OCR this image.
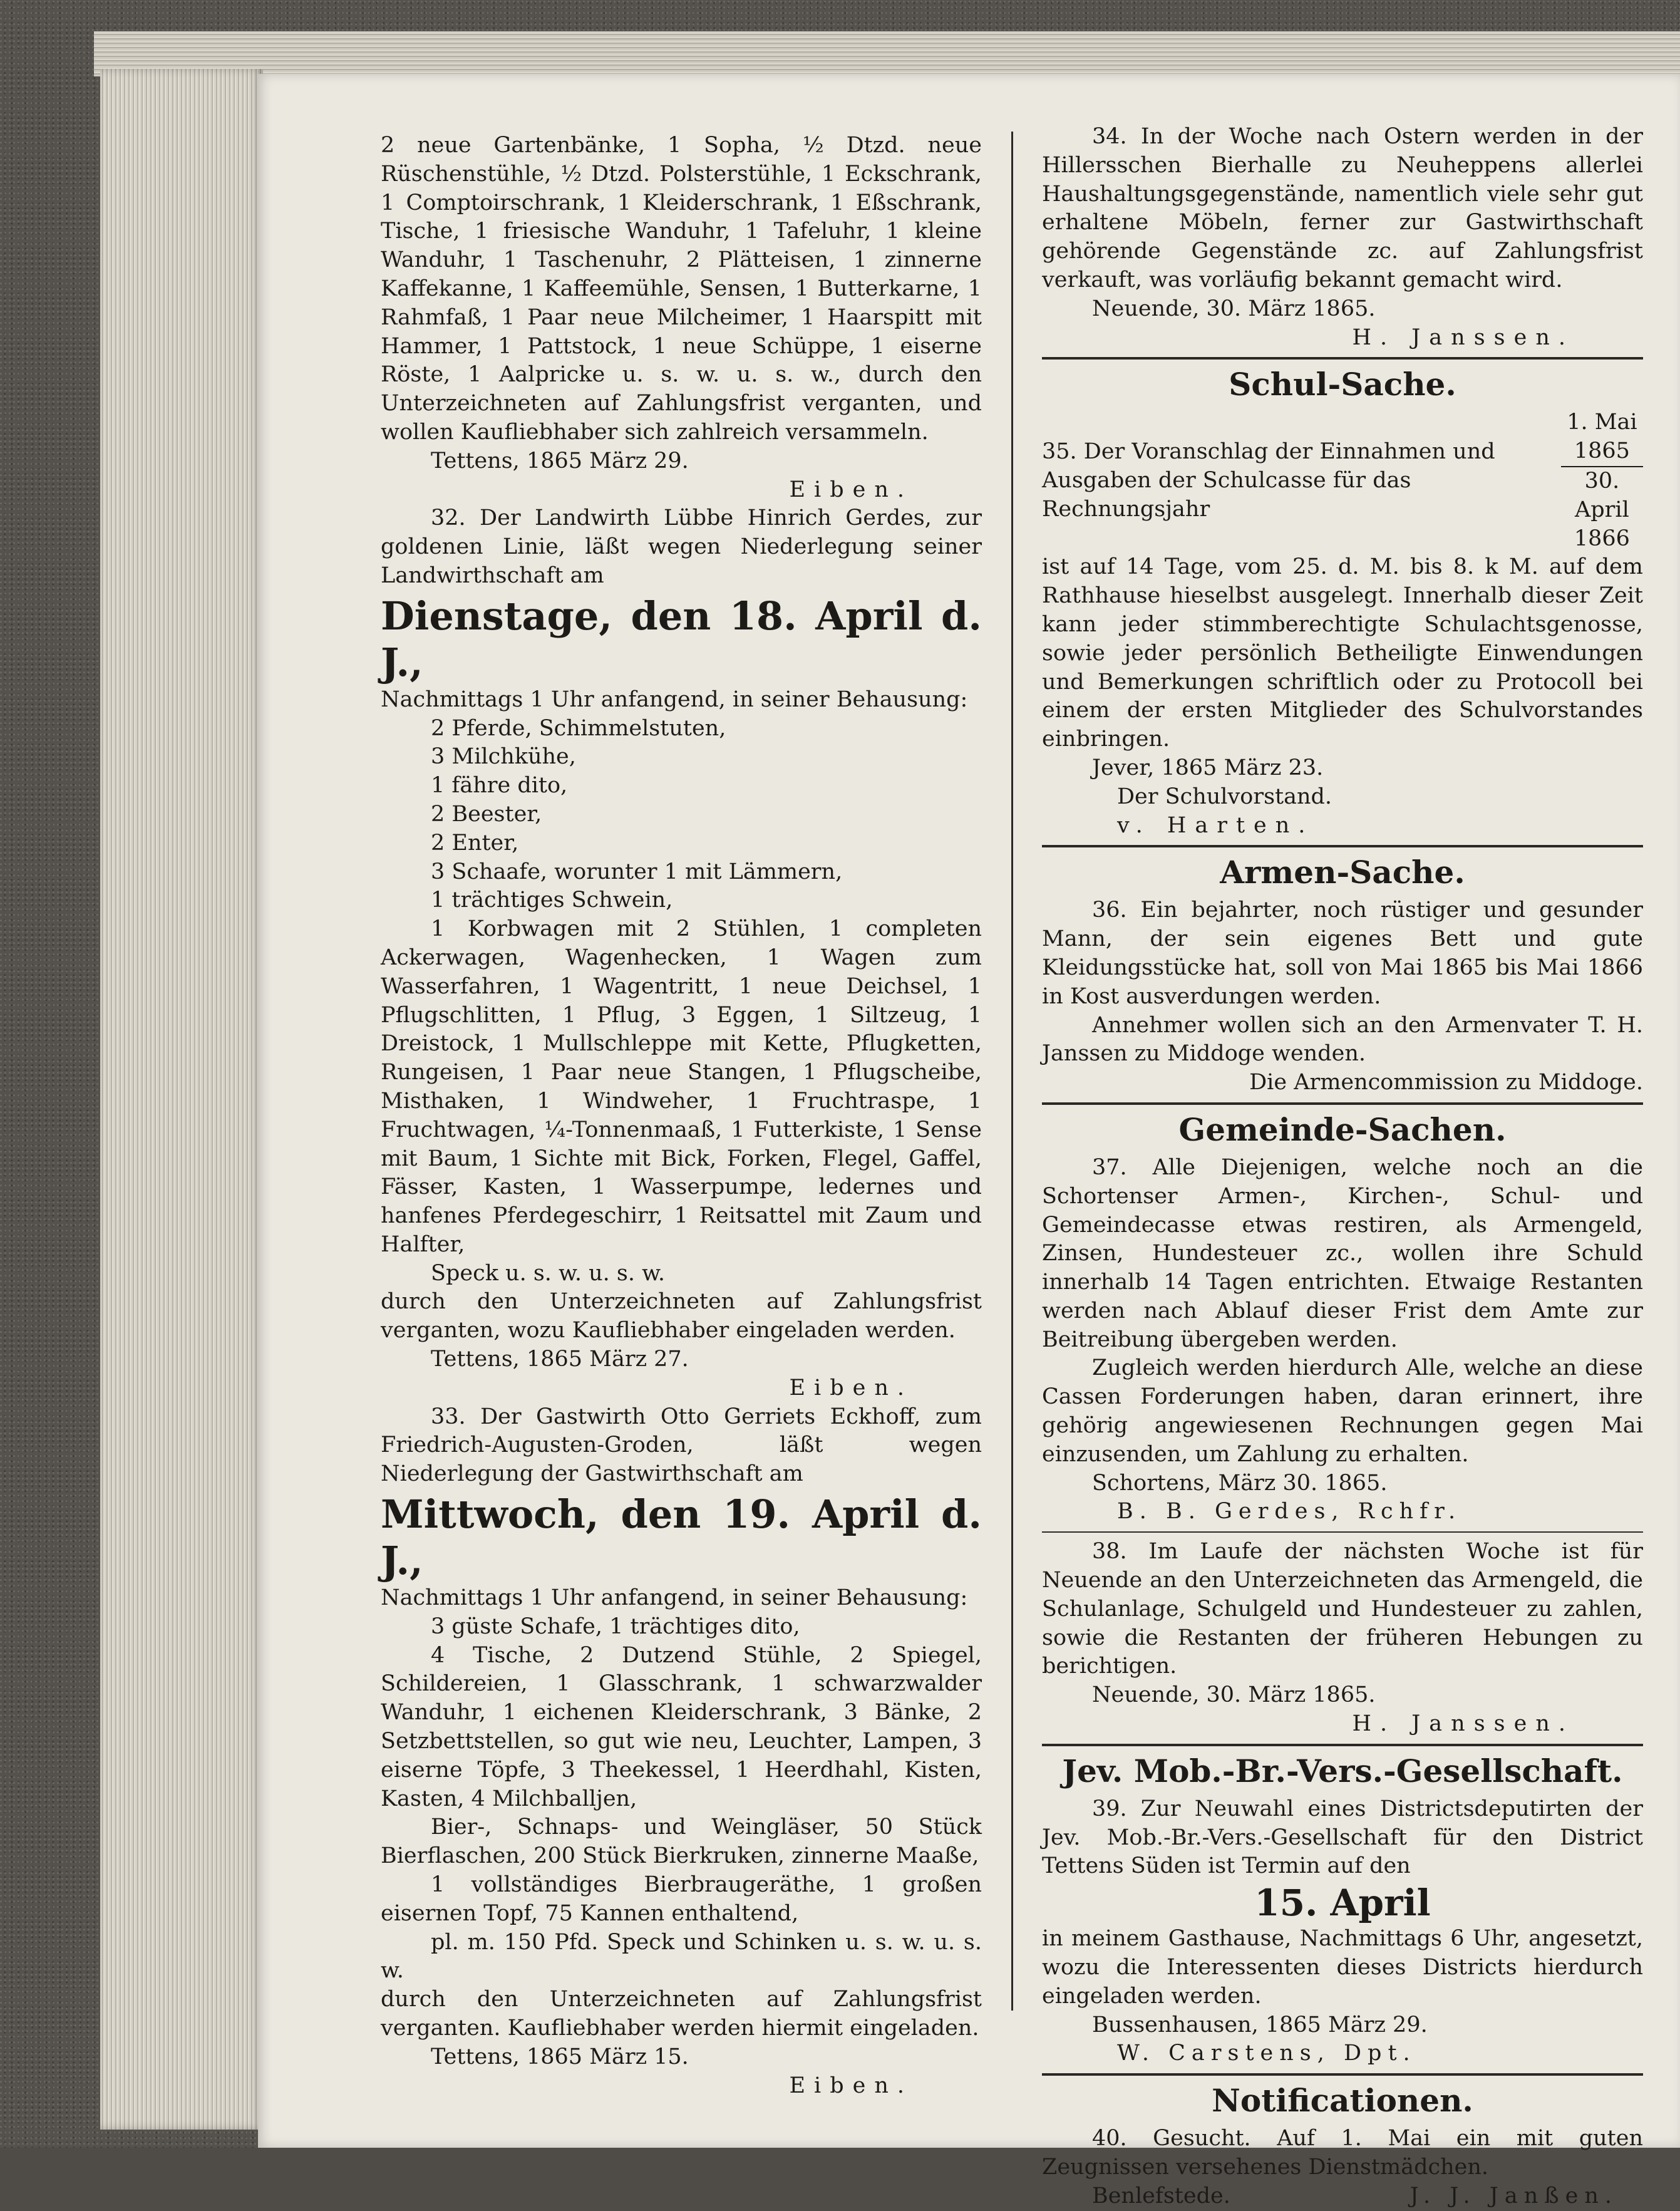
2 neue Gartenbänke, 1 Sopha, ½ Dtzd. neue Rüschenstühle, ½ Dtzd. Polsterstühle, 1 Eckschrank, 1 Comptoirschrank, 1 Kleiderschrank, 1 Eßschrank, Tische, 1 friesische Wanduhr, 1 Tafeluhr, 1 kleine Wanduhr, 1 Taschenuhr, 2 Plätteisen, 1 zinnerne Kaffekanne, 1 Kaffeemühle, Sensen, 1 Butterkarne, 1 Rahmfaß, 1 Paar neue Milcheimer, 1 Haarspitt mit Hammer, 1 Pattstock, 1 neue Schüppe, 1 eiserne Röste, 1 Aalpricke u. s. w. u. s. w., durch den Unterzeichneten auf Zahlungsfrist verganten, und wollen Kaufliebhaber sich zahlreich versammeln.

Tettens, 1865 März 29.

Eiben.

32. Der Landwirth Lübbe Hinrich Gerdes, zur goldenen Linie, läßt wegen Niederlegung seiner Landwirthschaft am

Dienstage, den 18. April d. J.,

Nachmittags 1 Uhr anfangend, in seiner Behausung:

2 Pferde, Schimmelstuten,

3 Milchkühe,

1 fähre dito,

2 Beester,

2 Enter,

3 Schaafe, worunter 1 mit Lämmern,

1 trächtiges Schwein,

1 Korbwagen mit 2 Stühlen, 1 completen Ackerwagen, Wagenhecken, 1 Wagen zum Wasserfahren, 1 Wagentritt, 1 neue Deichsel, 1 Pflugschlitten, 1 Pflug, 3 Eggen, 1 Siltzeug, 1 Dreistock, 1 Mullschleppe mit Kette, Pflugketten, Rungeisen, 1 Paar neue Stangen, 1 Pflugscheibe, Misthaken, 1 Windweher, 1 Fruchtraspe, 1 Fruchtwagen, ¼-Tonnenmaaß, 1 Futterkiste, 1 Sense mit Baum, 1 Sichte mit Bick, Forken, Flegel, Gaffel, Fässer, Kasten, 1 Wasserpumpe, ledernes und hanfenes Pferdegeschirr, 1 Reitsattel mit Zaum und Halfter,

Speck u. s. w. u. s. w.

durch den Unterzeichneten auf Zahlungsfrist verganten, wozu Kaufliebhaber eingeladen werden.

Tettens, 1865 März 27.

Eiben.

33. Der Gastwirth Otto Gerriets Eckhoff, zum Friedrich-Augusten-Groden, läßt wegen Niederlegung der Gastwirthschaft am

Mittwoch, den 19. April d. J.,

Nachmittags 1 Uhr anfangend, in seiner Behausung:

3 güste Schafe, 1 trächtiges dito,

4 Tische, 2 Dutzend Stühle, 2 Spiegel, Schildereien, 1 Glasschrank, 1 schwarzwalder Wanduhr, 1 eichenen Kleiderschrank, 3 Bänke, 2 Setzbettstellen, so gut wie neu, Leuchter, Lampen, 3 eiserne Töpfe, 3 Theekessel, 1 Heerdhahl, Kisten, Kasten, 4 Milchballjen,

Bier-, Schnaps- und Weingläser, 50 Stück Bierflaschen, 200 Stück Bierkruken, zinnerne Maaße,

1 vollständiges Bierbraugeräthe, 1 großen eisernen Topf, 75 Kannen enthaltend,

pl. m. 150 Pfd. Speck und Schinken u. s. w. u. s. w.

durch den Unterzeichneten auf Zahlungsfrist verganten. Kaufliebhaber werden hiermit eingeladen.

Tettens, 1865 März 15.

Eiben.

34. In der Woche nach Ostern werden in der Hillersschen Bierhalle zu Neuheppens allerlei Haushaltungsgegenstände, namentlich viele sehr gut erhaltene Möbeln, ferner zur Gastwirthschaft gehörende Gegenstände zc. auf Zahlungsfrist verkauft, was vorläufig bekannt gemacht wird.

Neuende, 30. März 1865.

H. Janssen.

Schul-Sache.

35. Der Voranschlag der Einnahmen und Ausgaben der Schulcasse für das Rechnungsjahr	$\frac{\text{1. Mai 1865}}{\text{30. April 1866}}$

ist auf 14 Tage, vom 25. d. M. bis 8. k M. auf dem Rathhause hieselbst ausgelegt. Innerhalb dieser Zeit kann jeder stimmberechtigte Schulachtsgenosse, sowie jeder persönlich Betheiligte Einwendungen und Bemerkungen schriftlich oder zu Protocoll bei einem der ersten Mitglieder des Schulvorstandes einbringen.

Jever, 1865 März 23.

Der Schulvorstand.

v. Harten.

Armen-Sache.

36. Ein bejahrter, noch rüstiger und gesunder Mann, der sein eigenes Bett und gute Kleidungsstücke hat, soll von Mai 1865 bis Mai 1866 in Kost ausverdungen werden.

Annehmer wollen sich an den Armenvater T. H. Janssen zu Middoge wenden.

Die Armencommission zu Middoge.

Gemeinde-Sachen.

37. Alle Diejenigen, welche noch an die Schortenser Armen-, Kirchen-, Schul- und Gemeindecasse etwas restiren, als Armengeld, Zinsen, Hundesteuer zc., wollen ihre Schuld innerhalb 14 Tagen entrichten. Etwaige Restanten werden nach Ablauf dieser Frist dem Amte zur Beitreibung übergeben werden.

Zugleich werden hierdurch Alle, welche an diese Cassen Forderungen haben, daran erinnert, ihre gehörig angewiesenen Rechnungen gegen Mai einzusenden, um Zahlung zu erhalten.

Schortens, März 30. 1865.

B. B. Gerdes, Rchfr.

38. Im Laufe der nächsten Woche ist für Neuende an den Unterzeichneten das Armengeld, die Schulanlage, Schulgeld und Hundesteuer zu zahlen, sowie die Restanten der früheren Hebungen zu berichtigen.

Neuende, 30. März 1865.

H. Janssen.

Jev. Mob.-Br.-Vers.-Gesellschaft.

39. Zur Neuwahl eines Districtsdeputirten der Jev. Mob.-Br.-Vers.-Gesellschaft für den District Tettens Süden ist Termin auf den

15. April

in meinem Gasthause, Nachmittags 6 Uhr, angesetzt, wozu die Interessenten dieses Districts hierdurch eingeladen werden.

Bussenhausen, 1865 März 29.

W. Carstens, Dpt.

Notificationen.

40. Gesucht. Auf 1. Mai ein mit guten Zeugnissen versehenes Dienstmädchen.

Benlefstede.	J. J. Janßen.
